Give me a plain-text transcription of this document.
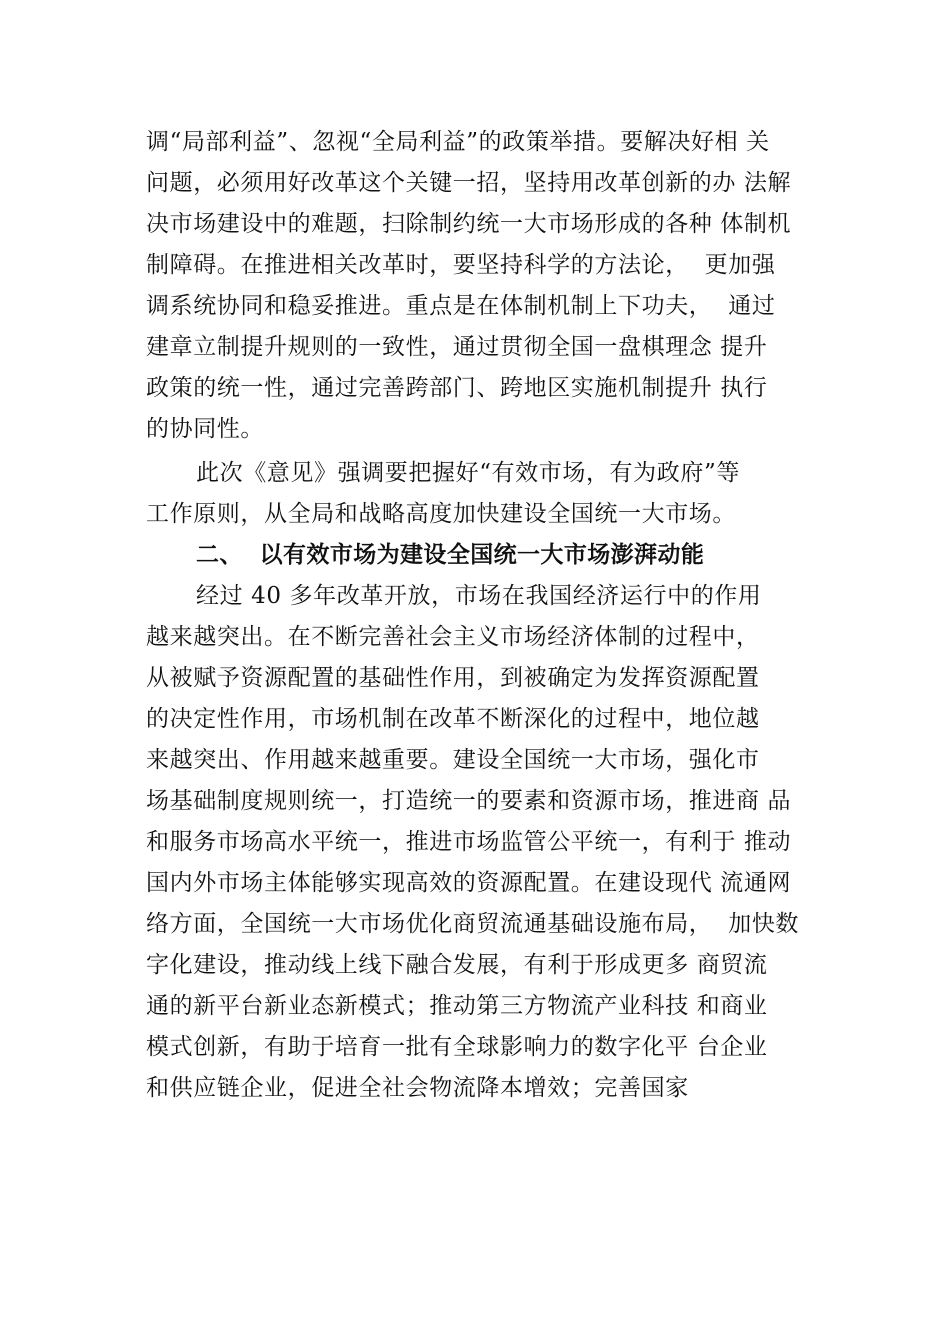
调“局部利益”、忽视“全局利益”的政策举措。要解决好相 关
问题，必须用好改革这个关键一招，坚持用改革创新的办 法解
决市场建设中的难题，扫除制约统一大市场形成的各种 体制机
制障碍。在推进相关改革时，要坚持科学的方法论，  更加强
调系统协同和稳妥推进。重点是在体制机制上下功夫，  通过
建章立制提升规则的一致性，通过贯彻全国一盘棋理念 提升
政策的统一性，通过完善跨部门、跨地区实施机制提升 执行
的协同性。
此次《意见》强调要把握好“有效市场，有为政府”等
工作原则，从全局和战略高度加快建设全国统一大市场。
二、  以有效市场为建设全国统一大市场澎湃动能
经过 40 多年改革开放，市场在我国经济运行中的作用
越来越突出。在不断完善社会主义市场经济体制的过程中，
从被赋予资源配置的基础性作用，到被确定为发挥资源配置
的决定性作用，市场机制在改革不断深化的过程中，地位越
来越突出、作用越来越重要。建设全国统一大市场，强化市
场基础制度规则统一，打造统一的要素和资源市场，推进商 品
和服务市场高水平统一，推进市场监管公平统一，有利于 推动
国内外市场主体能够实现高效的资源配置。在建设现代 流通网
络方面，全国统一大市场优化商贸流通基础设施布局，  加快数
字化建设，推动线上线下融合发展，有利于形成更多 商贸流
通的新平台新业态新模式；推动第三方物流产业科技 和商业
模式创新，有助于培育一批有全球影响力的数字化平 台企业
和供应链企业，促进全社会物流降本增效；完善国家
